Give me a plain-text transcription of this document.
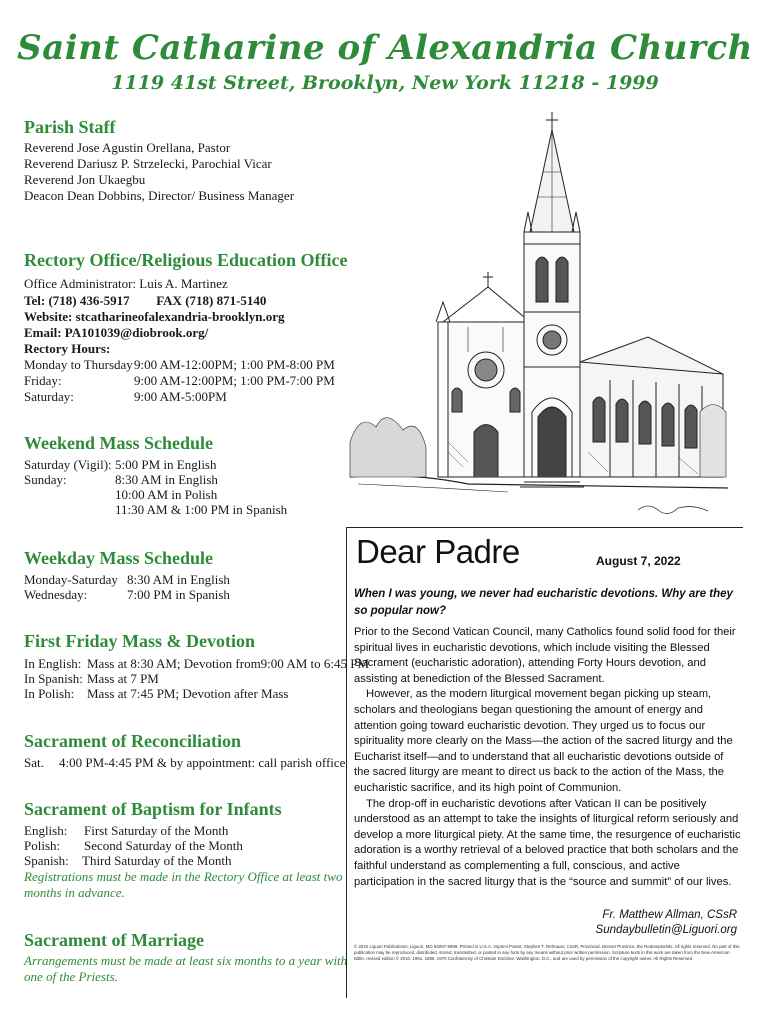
Saint Catharine of Alexandria Church
1119 41st Street, Brooklyn, New York 11218 - 1999
Parish Staff
Reverend Jose Agustin Orellana, Pastor
Reverend Dariusz P. Strzelecki, Parochial Vicar
Reverend Jon Ukaegbu
Deacon Dean Dobbins, Director/ Business Manager
Rectory Office/Religious Education Office
Office Administrator: Luis A. Martinez
Tel: (718) 436-5917 FAX (718) 871-5140
Website: stcatharineofalexandria-brooklyn.org
Email: PA101039@diobrook.org/
Rectory Hours:
Monday to Thursday 9:00 AM-12:00PM; 1:00 PM-8:00 PM
Friday:	9:00 AM-12:00PM; 1:00 PM-7:00 PM
Saturday:	9:00 AM-5:00PM
Weekend Mass Schedule
Saturday (Vigil): 5:00 PM in English
Sunday:	8:30 AM in English
10:00 AM in Polish
11:30 AM & 1:00 PM in Spanish
Weekday Mass Schedule
Monday-Saturday 8:30 AM in English
Wednesday:	7:00 PM in Spanish
First Friday Mass & Devotion
In English: Mass at 8:30 AM; Devotion from9:00 AM to 6:45 PM
In Spanish: Mass at 7 PM
In Polish: Mass at 7:45 PM; Devotion after Mass
Sacrament of Reconciliation
Sat. 4:00 PM-4:45 PM & by appointment: call parish office
Sacrament of Baptism for Infants
English: First Saturday of the Month
Polish: Second Saturday of the Month
Spanish: Third Saturday of the Month
Registrations must be made in the Rectory Office at least two
months in advance.
Sacrament of Marriage
Arrangements must be made at least six months to a year with
one of the Priests.
Dear Padre	August 7, 2022
When I was young, we never had eucharistic devotions. Why are they so popular now?

Prior to the Second Vatican Council, many Catholics found solid food for their spiritual lives in eucharistic devotions, which include visiting the Blessed Sacrament (eucharistic adoration), attending Forty Hours devotion, and assisting at benediction of the Blessed Sacrament.

However, as the modern liturgical movement began picking up steam, scholars and theologians began questioning the amount of energy and attention going toward eucharistic devotion. They urged us to focus our spirituality more clearly on the Mass—the action of the sacred liturgy and the Eucharist itself—and to understand that all eucharistic devotions outside of the sacred liturgy are meant to direct us back to the action of the Mass, the eucharistic sacrifice, and its high point of Communion.

The drop-off in eucharistic devotions after Vatican II can be positively understood as an attempt to take the insights of liturgical reform seriously and develop a more liturgical piety. At the same time, the resurgence of eucharistic adoration is a worthy retrieval of a beloved practice that both scholars and the faithful understand as complementing a full, conscious, and active participation in the sacred liturgy that is the “source and summit” of our lives.

Fr. Matthew Allman, CSsR
Sundaybulletin@Liguori.org
© 2022 Liguori Publications, Liguori, MO 63057-9999. Printed in U.S.A. Imprimi Potest: Stephen T. Rehrauer, CSsR, Provincial, Denver Province, the Redemptorists. All rights reserved. No part of this publication may be reproduced, distributed, stored, transmitted, or posted in any form by any means without prior written permission. Scripture texts in this work are taken from the New American Bible, revised edition © 2010, 1991, 1986, 1970 Confraternity of Christian Doctrine, Washington, D.C., and are used by permission of the copyright owner. All Rights Reserved.
